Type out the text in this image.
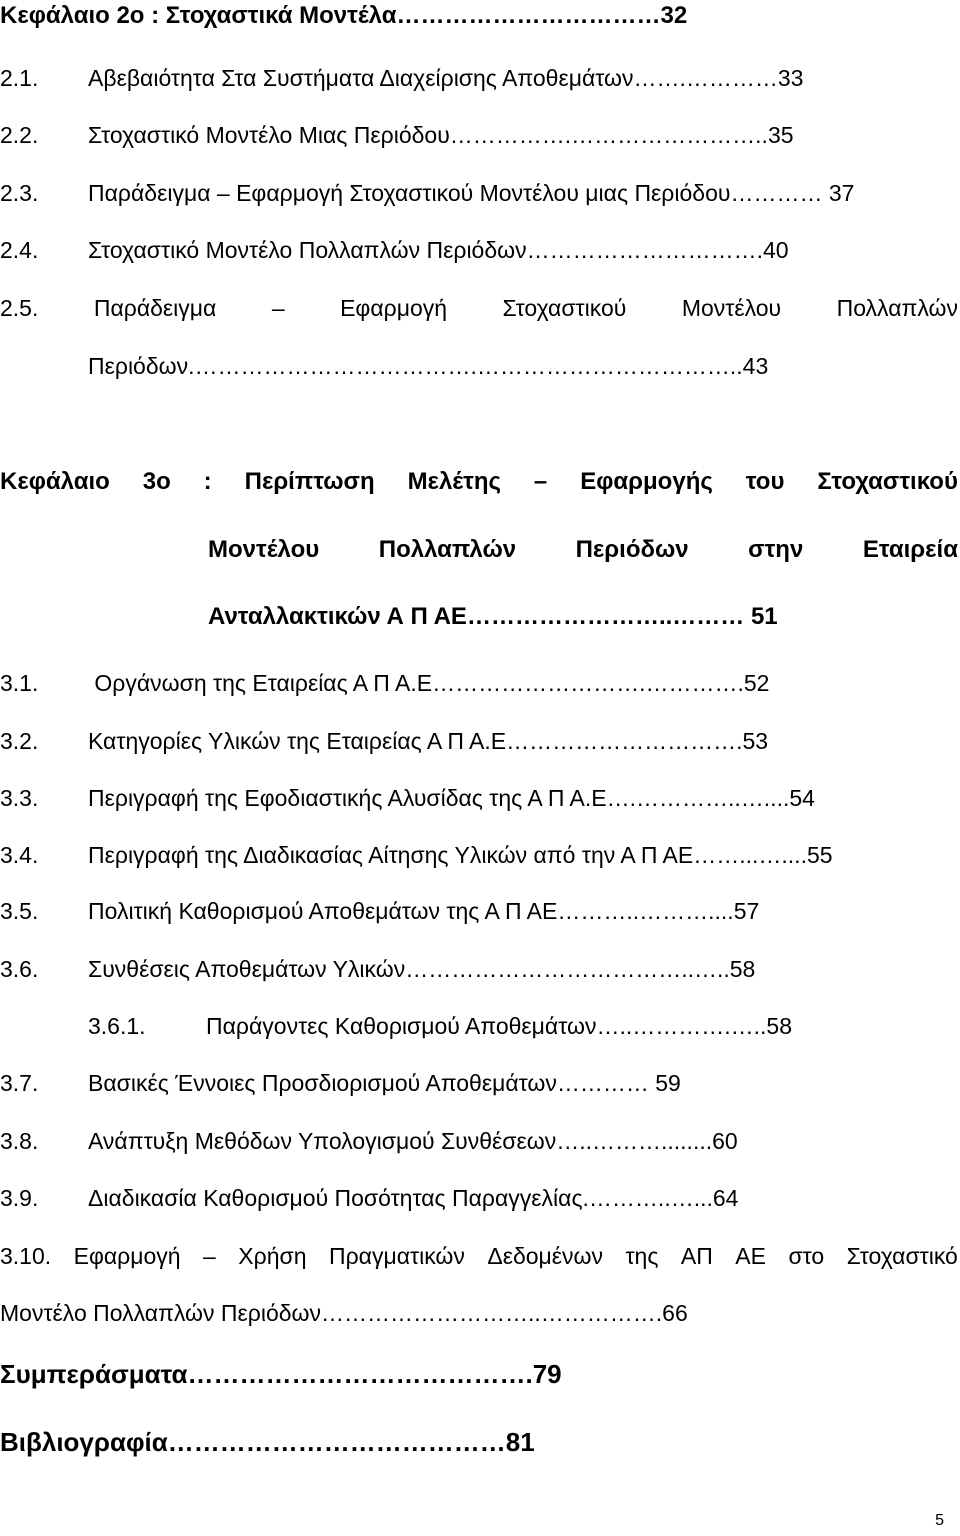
Κεφάλαιο 2ο : Στοχαστικά Μοντέλα……………………………32
2.1. Αβεβαιότητα Στα Συστήματα Διαχείρισης Αποθεμάτων…….…………33
2.2. Στοχαστικό Μοντέλο Μιας Περιόδου…………….……………………..35
2.3. Παράδειγμα – Εφαρμογή Στοχαστικού Μοντέλου μιας Περιόδου………… 37
2.4. Στοχαστικό Μοντέλο Πολλαπλών Περιόδων………………………….40
2.5. Παράδειγμα – Εφαρμογή Στοχαστικού Μοντέλου Πολλαπλών
Περιόδων.……………………………….……………………………..43
Κεφάλαιο 3ο : Περίπτωση Μελέτης – Εφαρμογής του Στοχαστικού
Μοντέλου Πολλαπλών Περιόδων στην Εταιρεία
Ανταλλακτικών Α Π ΑΕ……………………..……… 51
3.1. Οργάνωση της Εταιρείας Α Π Α.Ε……………………….………….52
3.2. Κατηγορίες Υλικών της Εταιρείας Α Π Α.Ε………………………….53
3.3. Περιγραφή της Εφοδιαστικής Αλυσίδας της Α Π Α.Ε….…………..…....54
3.4. Περιγραφή της Διαδικασίας Αίτησης Υλικών από την Α Π ΑΕ……...…....55
3.5. Πολιτική Καθορισμού Αποθεμάτων της Α Π ΑΕ………..………....57
3.6. Συνθέσεις Αποθεμάτων Υλικών………………………………..…..58
3.6.1.	Παράγοντες Καθορισμού Αποθεμάτων…..………….…..58
3.7. Βασικές Έννοιες Προσδιορισμού Αποθεμάτων………… 59
3.8. Ανάπτυξη Μεθόδων Υπολογισμού Συνθέσεων…..………........60
3.9. Διαδικασία Καθορισμού Ποσότητας Παραγγελίας.………..…...64
3.10. Εφαρμογή – Χρήση Πραγματικών Δεδομένων της ΑΠ ΑΕ στο Στοχαστικό
Μοντέλο Πολλαπλών Περιόδων………………………..…………….66
Συμπεράσματα………………………………….79
Βιβλιογραφία…………………………………81
5
